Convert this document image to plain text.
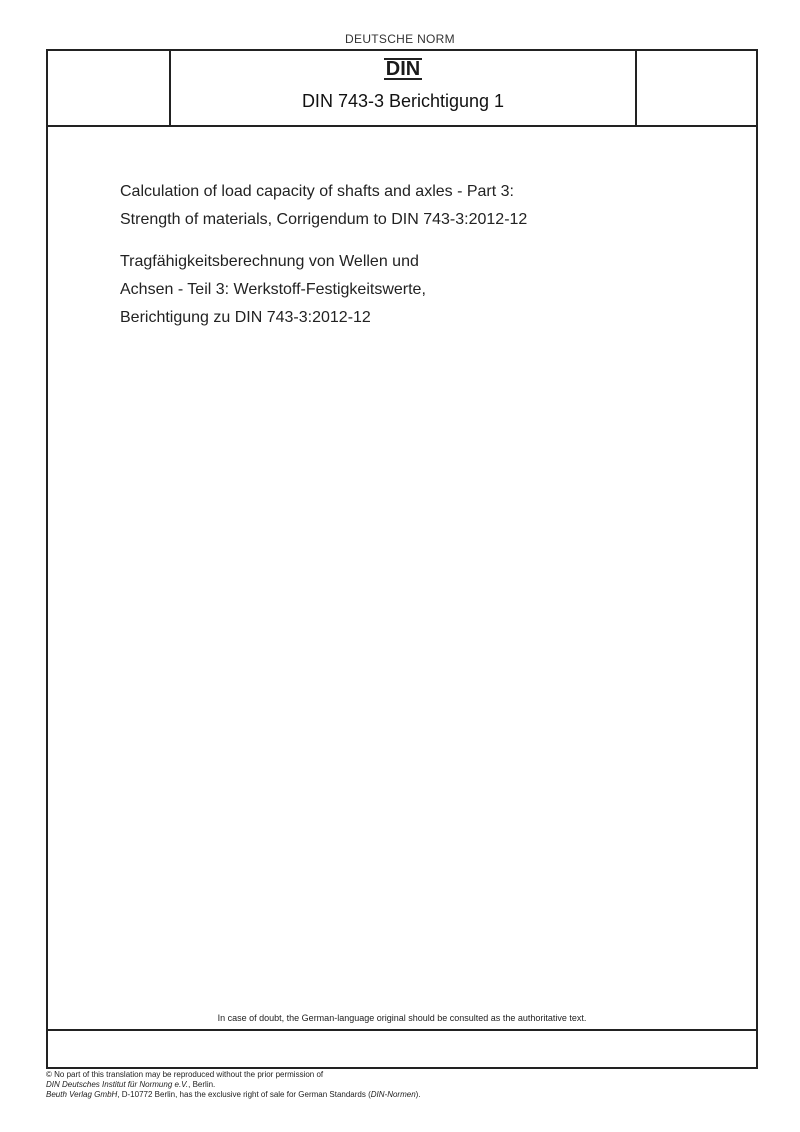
DEUTSCHE NORM
DIN
DIN 743-3 Berichtigung 1
Calculation of load capacity of shafts and axles - Part 3:
Strength of materials, Corrigendum to DIN 743-3:2012-12
Tragfähigkeitsberechnung von Wellen und
Achsen - Teil 3: Werkstoff-Festigkeitswerte,
Berichtigung zu DIN 743-3:2012-12
In case of doubt, the German-language original should be consulted as the authoritative text.
© No part of this translation may be reproduced without the prior permission of
DIN Deutsches Institut für Normung e.V., Berlin.
Beuth Verlag GmbH, D-10772 Berlin, has the exclusive right of sale for German Standards (DIN-Normen).
